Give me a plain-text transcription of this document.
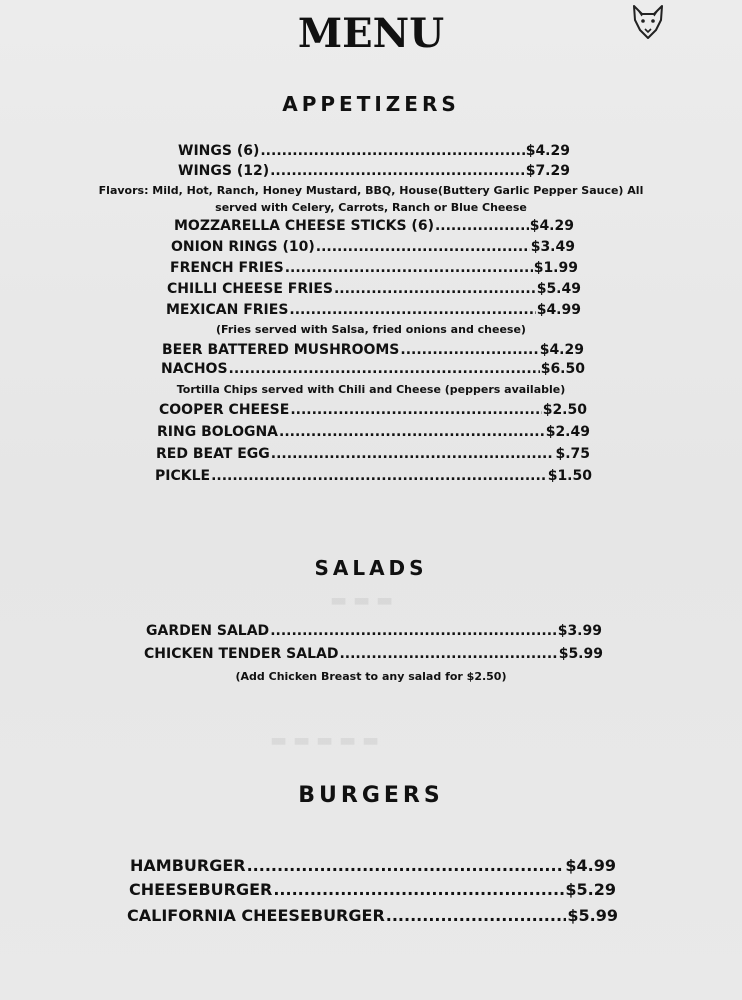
▬▬▬
▬▬▬▬▬
MENU
APPETIZERS
WINGS (6) .....	$4.29
WINGS (12) .....	$7.29
Flavors: Mild, Hot, Ranch, Honey Mustard, BBQ, House(Buttery Garlic Pepper Sauce) All
served with Celery, Carrots, Ranch or Blue Cheese
MOZZARELLA CHEESE STICKS (6) .....	$4.29
ONION RINGS (10) .....	$3.49
FRENCH FRIES .....	$1.99
CHILLI CHEESE FRIES .....	$5.49
MEXICAN FRIES .....	$4.99
(Fries served with Salsa, fried onions and cheese)
BEER BATTERED MUSHROOMS .....	$4.29
NACHOS .....	$6.50
Tortilla Chips served with Chili and Cheese (peppers available)
COOPER CHEESE .....	$2.50
RING BOLOGNA .....	$2.49
RED BEAT EGG .....	$.75
PICKLE .....	$1.50
SALADS
GARDEN SALAD .....	$3.99
CHICKEN TENDER SALAD .....	$5.99
(Add Chicken Breast to any salad for $2.50)
BURGERS
HAMBURGER .....	$4.99
CHEESEBURGER .....	$5.29
CALIFORNIA CHEESEBURGER .....	$5.99
